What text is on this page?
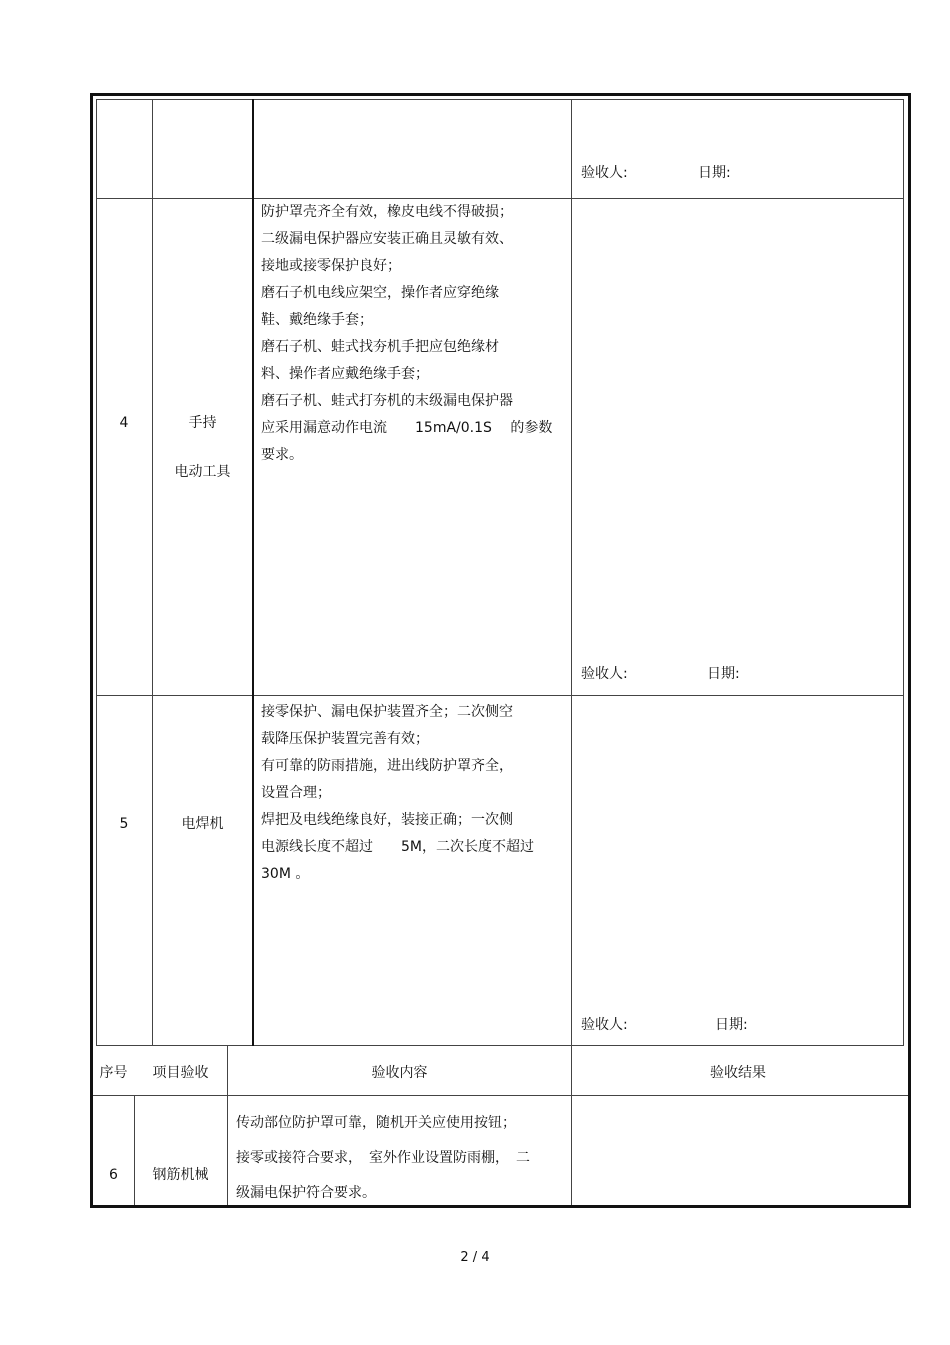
验收人:	日期:
4	手持
电动工具
防护罩壳齐全有效，橡皮电线不得破损；
二级漏电保护器应安装正确且灵敏有效、
接地或接零保护良好；
磨石子机电线应架空，操作者应穿绝缘
鞋、戴绝缘手套；
磨石子机、蛙式找夯机手把应包绝缘材
料、操作者应戴绝缘手套；
磨石子机、蛙式打夯机的末级漏电保护器
应采用漏意动作电流　　15mA/0.1S　 的参数
要求。
验收人:	日期:
5	电焊机
接零保护、漏电保护装置齐全；二次侧空
载降压保护装置完善有效；
有可靠的防雨措施，进出线防护罩齐全，
设置合理；
焊把及电线绝缘良好，装接正确；一次侧
电源线长度不超过　　5M，二次长度不超过
30M 。
验收人:	日期:
序号	项目验收	验收内容	验收结果
6	钢筋机械
传动部位防护罩可靠，随机开关应使用按钮；
接零或接符合要求，　室外作业设置防雨棚，　二
级漏电保护符合要求。
2 / 4
